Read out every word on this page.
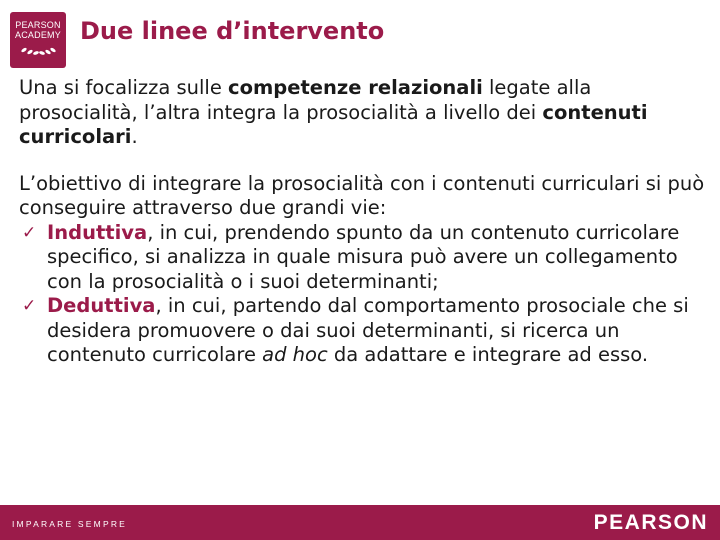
PEARSON
ACADEMY Due linee d’intervento

Una si focalizza sulle competenze relazionali legate alla prosocialità, l’altra integra la prosocialità a livello dei contenuti curricolari.

L’obiettivo di integrare la prosocialità con i contenuti curriculari si può conseguire attraverso due grandi vie:

✓ Induttiva, in cui, prendendo spunto da un contenuto curricolare specifico, si analizza in quale misura può avere un collegamento con la prosocialità o i suoi determinanti;
✓ Deduttiva, in cui, partendo dal comportamento prosociale che si desidera promuovere o dai suoi determinanti, si ricerca un contenuto curricolare ad hoc da adattare e integrare ad esso.
IMPARARE SEMPRE	PEARSON
